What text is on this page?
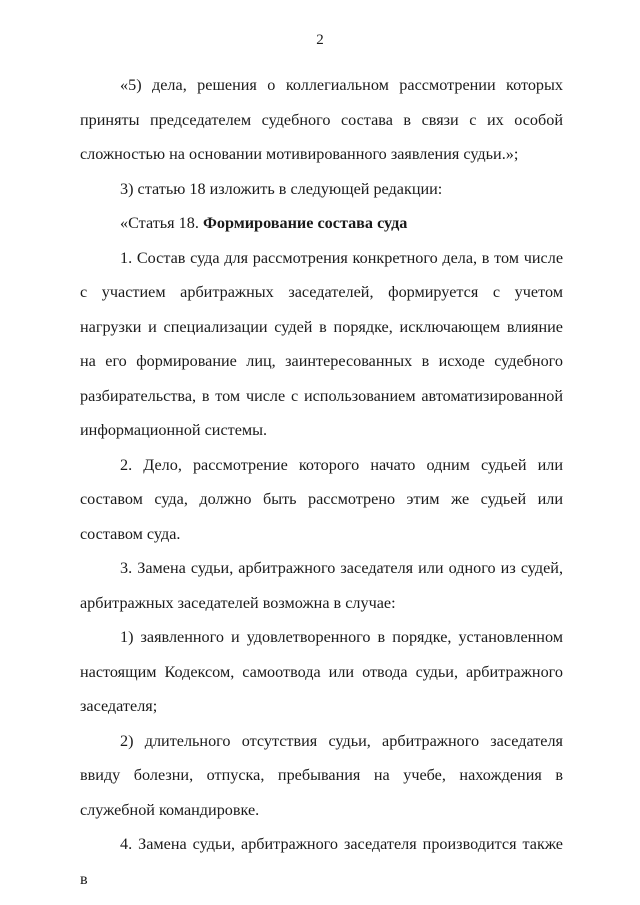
2

«5) дела, решения о коллегиальном рассмотрении которых приняты председателем судебного состава в связи с их особой сложностью на основании мотивированного заявления судьи.»;

3) статью 18 изложить в следующей редакции:

«Статья 18. Формирование состава суда

1. Состав суда для рассмотрения конкретного дела, в том числе с участием арбитражных заседателей, формируется с учетом нагрузки и специализации судей в порядке, исключающем влияние на его формирование лиц, заинтересованных в исходе судебного разбирательства, в том числе с использованием автоматизированной информационной системы.

2. Дело, рассмотрение которого начато одним судьей или составом суда, должно быть рассмотрено этим же судьей или составом суда.

3. Замена судьи, арбитражного заседателя или одного из судей, арбитражных заседателей возможна в случае:

1) заявленного и удовлетворенного в порядке, установленном настоящим Кодексом, самоотвода или отвода судьи, арбитражного заседателя;

2) длительного отсутствия судьи, арбитражного заседателя ввиду болезни, отпуска, пребывания на учебе, нахождения в служебной командировке.

4. Замена судьи, арбитражного заседателя производится также в
